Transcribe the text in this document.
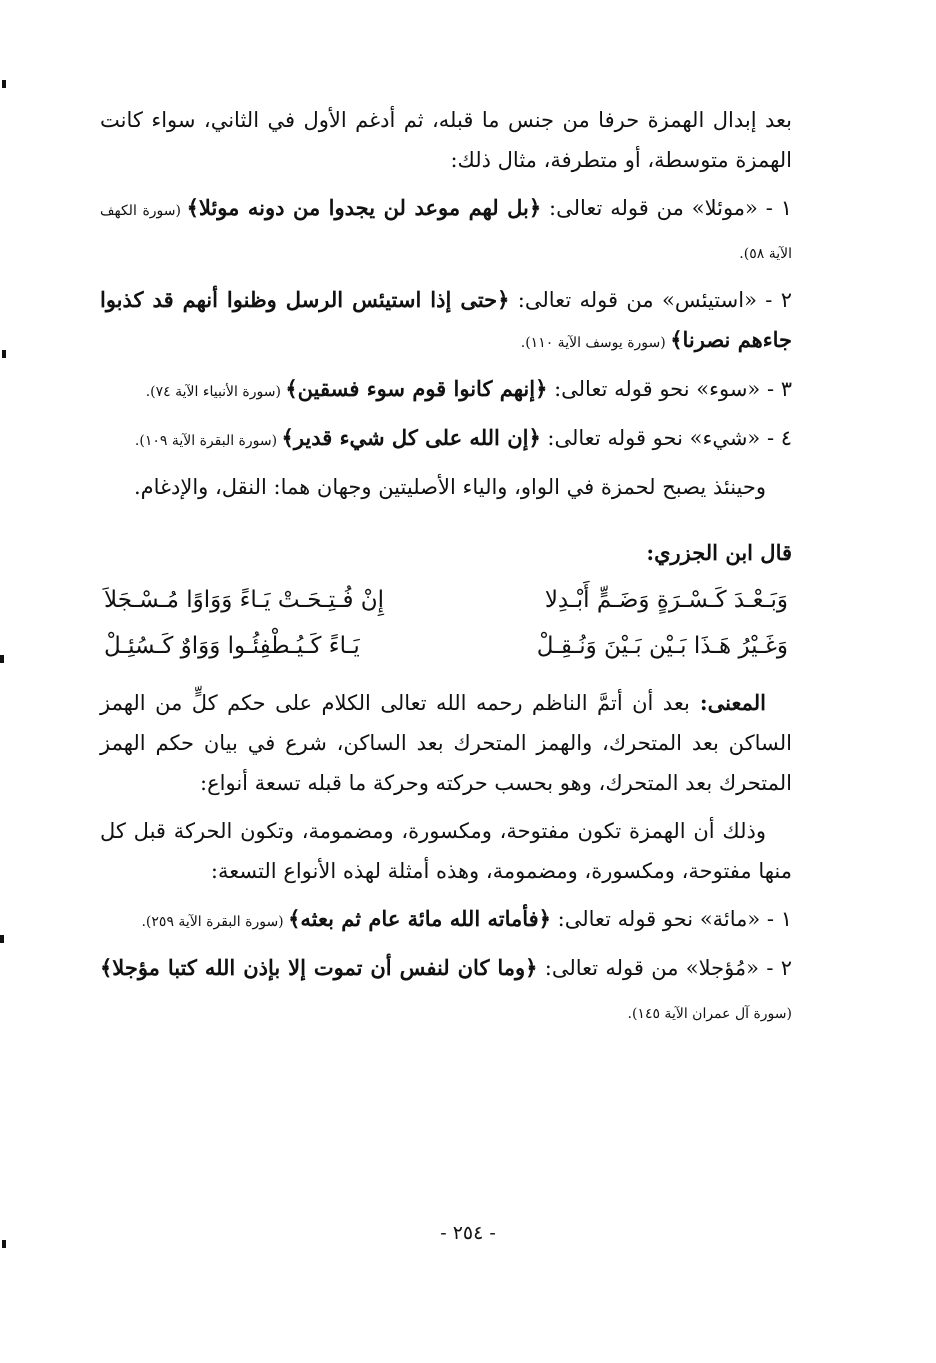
بعد إبدال الهمزة حرفا من جنس ما قبله، ثم أدغم الأول في الثاني، سواء كانت الهمزة متوسطة، أو متطرفة، مثال ذلك:

١ - «موئلا» من قوله تعالى: ﴿بل لهم موعد لن يجدوا من دونه موئلا﴾ (سورة الكهف الآية ٥٨).
٢ - «استيئس» من قوله تعالى: ﴿حتى إذا استيئس الرسل وظنوا أنهم قد كذبوا جاءهم نصرنا﴾ (سورة يوسف الآية ١١٠).
٣ - «سوء» نحو قوله تعالى: ﴿إنهم كانوا قوم سوء فسقين﴾ (سورة الأنبياء الآية ٧٤).
٤ - «شيء» نحو قوله تعالى: ﴿إن الله على كل شيء قدير﴾ (سورة البقرة الآية ١٠٩).

وحينئذ يصبح لحمزة في الواو، والياء الأصليتين وجهان هما: النقل، والإدغام.

قال ابن الجزري:
وَبَـعْـدَ كَـسْـرَةٍ وَضَـمٍّ أَبْـدِلا
إِنْ فُـتِـحَـتْ يَـاءً وَوَاوًا مُـسْـجَلاَ
وَغَـيْرُ هَـذَا بَـيْن بَـيْنَ وَنُـقِـلْ
يَـاءً كَـيُـطْفِئُـوا وَوَاوٌ كَـسُئِـلْ

المعنى: بعد أن أتمَّ الناظم رحمه الله تعالى الكلام على حكم كلٍّ من الهمز الساكن بعد المتحرك، والهمز المتحرك بعد الساكن، شرع في بيان حكم الهمز المتحرك بعد المتحرك، وهو بحسب حركته وحركة ما قبله تسعة أنواع:

وذلك أن الهمزة تكون مفتوحة، ومكسورة، ومضمومة، وتكون الحركة قبل كل منها مفتوحة، ومكسورة، ومضمومة، وهذه أمثلة لهذه الأنواع التسعة:

١ - «مائة» نحو قوله تعالى: ﴿فأماته الله مائة عام ثم بعثه﴾ (سورة البقرة الآية ٢٥٩).
٢ - «مُؤجلا» من قوله تعالى: ﴿وما كان لنفس أن تموت إلا بإذن الله كتبا مؤجلا﴾ (سورة آل عمران الآية ١٤٥).
- ٢٥٤ -
